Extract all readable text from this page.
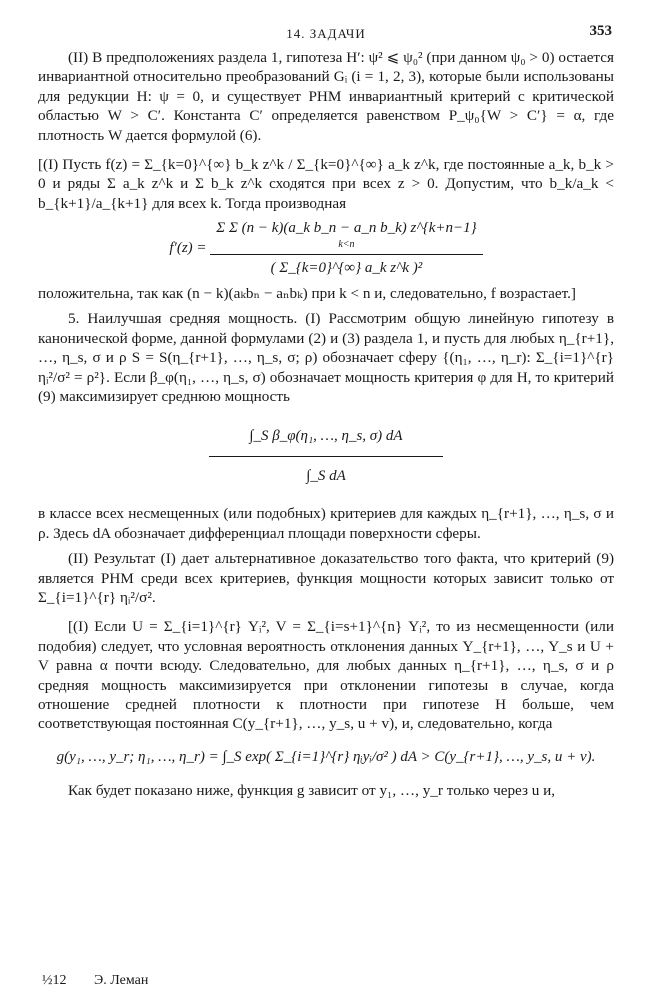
14. ЗАДАЧИ	353

(II) В предположениях раздела 1, гипотеза H′: ψ² ⩽ ψ₀² (при данном ψ₀ > 0) остается инвариантной относительно преобразований Gᵢ (i = 1, 2, 3), которые были использованы для редукции H: ψ = 0, и существует РНМ инвариантный критерий с критической областью W > C′. Константа C′ определяется равенством P_ψ₀{W > C′} = α, где плотность W дается формулой (6).

[(I) Пусть f(z) = Σ_{k=0}^{∞} b_k z^k / Σ_{k=0}^{∞} a_k z^k, где постоянные a_k, b_k > 0 и ряды Σ a_k z^k и Σ b_k z^k сходятся при всех z > 0. Допустим, что b_k/a_k < b_{k+1}/a_{k+1} для всех k. Тогда производная

f′(z) = Σ Σ (n − k)(a_k b_n − a_n b_k) z^{k+n−1}
k<n
( Σ_{k=0}^{∞} a_k z^k )²

положительна, так как (n − k)(aₖbₙ − aₙbₖ) при k < n и, следовательно, f возрастает.]

5. Наилучшая средняя мощность. (I) Рассмотрим общую линейную гипотезу в канонической форме, данной формулами (2) и (3) раздела 1, и пусть для любых η_{r+1}, …, η_s, σ и ρ S = S(η_{r+1}, …, η_s, σ; ρ) обозначает сферу {(η₁, …, η_r): Σ_{i=1}^{r} ηᵢ²/σ² = ρ²}. Если β_φ(η₁, …, η_s, σ) обозначает мощность критерия φ для H, то критерий (9) максимизирует среднюю мощность

$\frac{\text{∫\_S β\_φ(η₁, …, η\_s, σ) dA}}{\text{∫\_S dA}}$

в классе всех несмещенных (или подобных) критериев для каждых η_{r+1}, …, η_s, σ и ρ. Здесь dA обозначает дифференциал площади поверхности сферы.

(II) Результат (I) дает альтернативное доказательство того факта, что критерий (9) является РНМ среди всех критериев, функция мощности которых зависит только от Σ_{i=1}^{r} ηᵢ²/σ².

[(I) Если U = Σ_{i=1}^{r} Yᵢ², V = Σ_{i=s+1}^{n} Yᵢ², то из несмещенности (или подобия) следует, что условная вероятность отклонения данных Y_{r+1}, …, Y_s и U + V равна α почти всюду. Следовательно, для любых данных η_{r+1}, …, η_s, σ и ρ средняя мощность максимизируется при отклонении гипотезы в случае, когда отношение средней плотности к плотности при гипотезе H больше, чем соответствующая постоянная C(y_{r+1}, …, y_s, u + v), и, следовательно, когда

g(y₁, …, y_r; η₁, …, η_r) = ∫_S exp( Σ_{i=1}^{r} ηᵢyᵢ/σ² ) dA > C(y_{r+1}, …, y_s, u + v).

Как будет показано ниже, функция g зависит от y₁, …, y_r только через u и,

½12 Э. Леман
